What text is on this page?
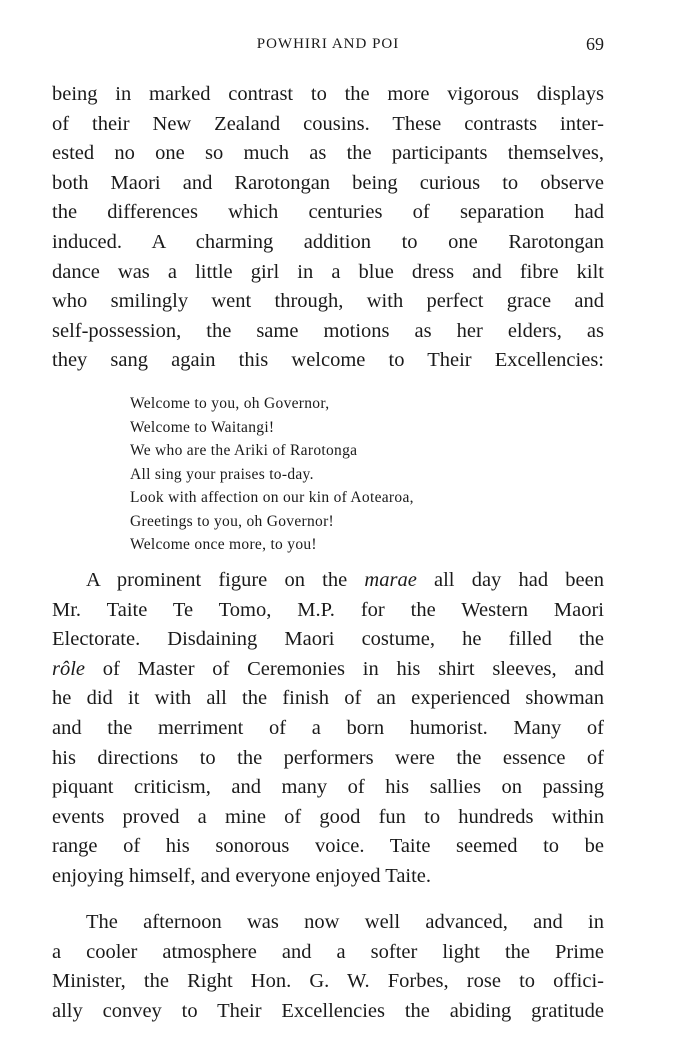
POWHIRI AND POI	69
being in marked contrast to the more vigorous displays
of their New Zealand cousins. These contrasts inter-
ested no one so much as the participants themselves,
both Maori and Rarotongan being curious to observe
the differences which centuries of separation had
induced. A charming addition to one Rarotongan
dance was a little girl in a blue dress and fibre kilt
who smilingly went through, with perfect grace and
self-possession, the same motions as her elders, as
they sang again this welcome to Their Excellencies:
Welcome to you, oh Governor,
Welcome to Waitangi!
We who are the Ariki of Rarotonga
All sing your praises to-day.
Look with affection on our kin of Aotearoa,
Greetings to you, oh Governor!
Welcome once more, to you!
A prominent figure on the marae all day had been
Mr. Taite Te Tomo, M.P. for the Western Maori
Electorate. Disdaining Maori costume, he filled the
rôle of Master of Ceremonies in his shirt sleeves, and
he did it with all the finish of an experienced showman
and the merriment of a born humorist. Many of
his directions to the performers were the essence of
piquant criticism, and many of his sallies on passing
events proved a mine of good fun to hundreds within
range of his sonorous voice. Taite seemed to be
enjoying himself, and everyone enjoyed Taite.
The afternoon was now well advanced, and in
a cooler atmosphere and a softer light the Prime
Minister, the Right Hon. G. W. Forbes, rose to offici-
ally convey to Their Excellencies the abiding gratitude
